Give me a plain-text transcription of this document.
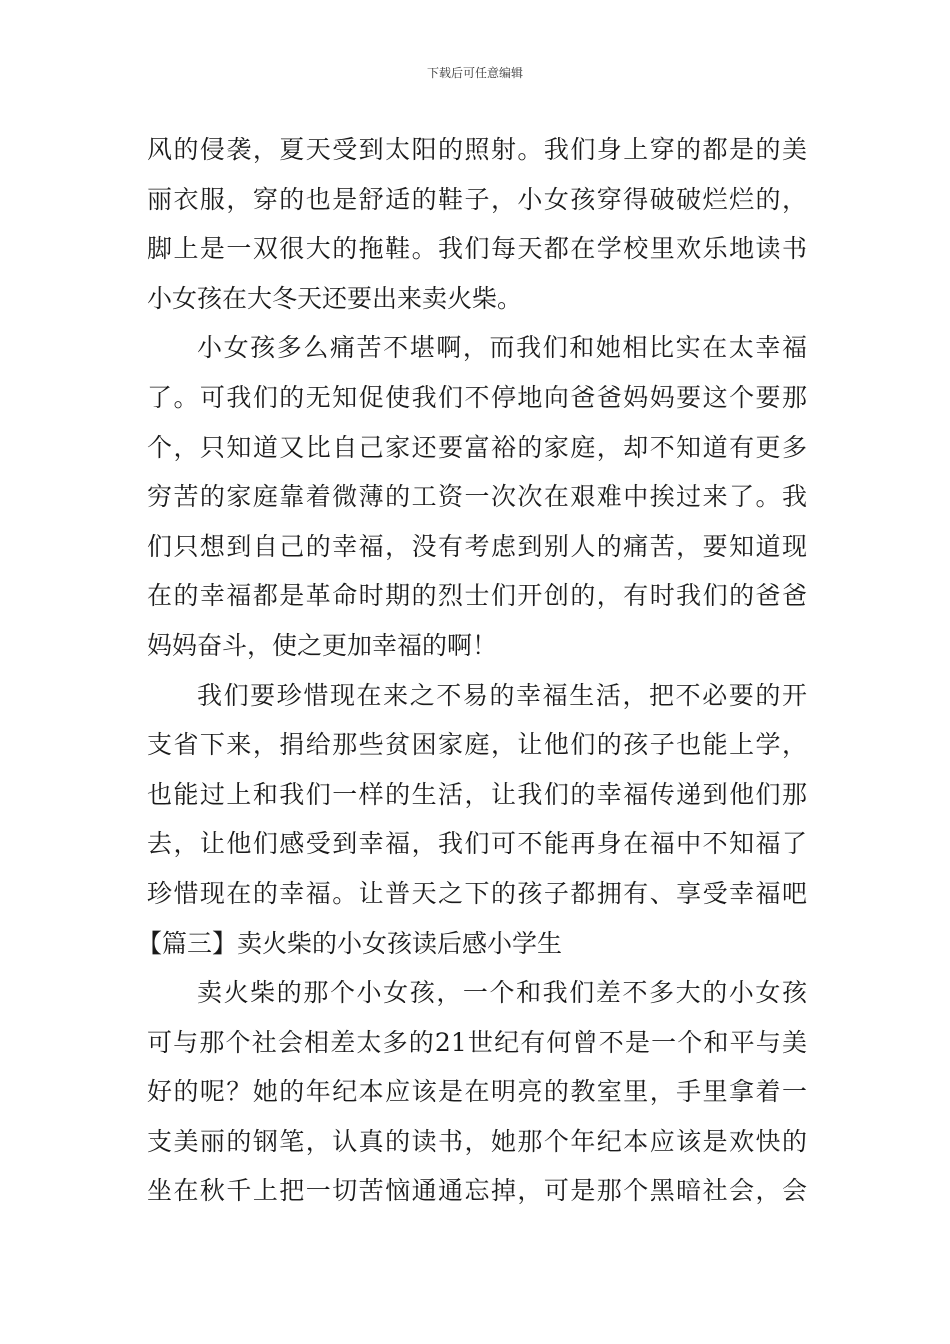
下载后可任意编辑
风的侵袭，夏天受到太阳的照射。我们身上穿的都是的美
丽衣服，穿的也是舒适的鞋子，小女孩穿得破破烂烂的，
脚上是一双很大的拖鞋。我们每天都在学校里欢乐地读书
小女孩在大冬天还要出来卖火柴。
小女孩多么痛苦不堪啊，而我们和她相比实在太幸福
了。可我们的无知促使我们不停地向爸爸妈妈要这个要那
个，只知道又比自己家还要富裕的家庭，却不知道有更多
穷苦的家庭靠着微薄的工资一次次在艰难中挨过来了。我
们只想到自己的幸福，没有考虑到别人的痛苦，要知道现
在的幸福都是革命时期的烈士们开创的，有时我们的爸爸
妈妈奋斗，使之更加幸福的啊！
我们要珍惜现在来之不易的幸福生活，把不必要的开
支省下来，捐给那些贫困家庭，让他们的孩子也能上学，
也能过上和我们一样的生活，让我们的幸福传递到他们那
去，让他们感受到幸福，我们可不能再身在福中不知福了
珍惜现在的幸福。让普天之下的孩子都拥有、享受幸福吧
【篇三】卖火柴的小女孩读后感小学生
卖火柴的那个小女孩，一个和我们差不多大的小女孩
可与那个社会相差太多的21世纪有何曾不是一个和平与美
好的呢？她的年纪本应该是在明亮的教室里，手里拿着一
支美丽的钢笔，认真的读书，她那个年纪本应该是欢快的
坐在秋千上把一切苦恼通通忘掉，可是那个黑暗社会，会
